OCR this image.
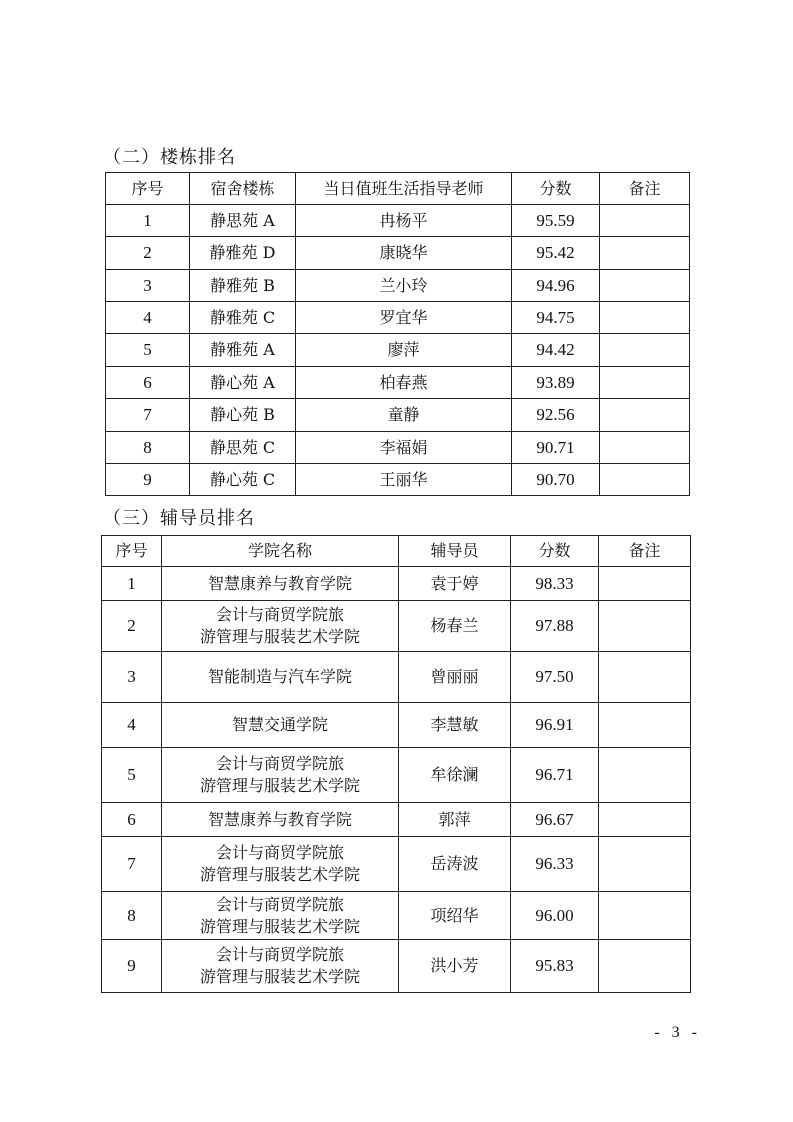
（二）楼栋排名
序号	宿舍楼栋	当日值班生活指导老师	分数	备注
1	静思苑 A	冉杨平	95.59	
2	静雅苑 D	康晓华	95.42	
3	静雅苑 B	兰小玲	94.96	
4	静雅苑 C	罗宜华	94.75	
5	静雅苑 A	廖萍	94.42	
6	静心苑 A	柏春燕	93.89	
7	静心苑 B	童静	92.56	
8	静思苑 C	李福娟	90.71	
9	静心苑 C	王丽华	90.70	
（三）辅导员排名
序号	学院名称	辅导员	分数	备注
1	智慧康养与教育学院	袁于婷	98.33	
2	会计与商贸学院旅
游管理与服装艺术学院	杨春兰	97.88	
3	智能制造与汽车学院	曾丽丽	97.50	
4	智慧交通学院	李慧敏	96.91	
5	会计与商贸学院旅
游管理与服装艺术学院	牟徐澜	96.71	
6	智慧康养与教育学院	郭萍	96.67	
7	会计与商贸学院旅
游管理与服装艺术学院	岳涛波	96.33	
8	会计与商贸学院旅
游管理与服装艺术学院	项绍华	96.00	
9	会计与商贸学院旅
游管理与服装艺术学院	洪小芳	95.83	
- 3 -
